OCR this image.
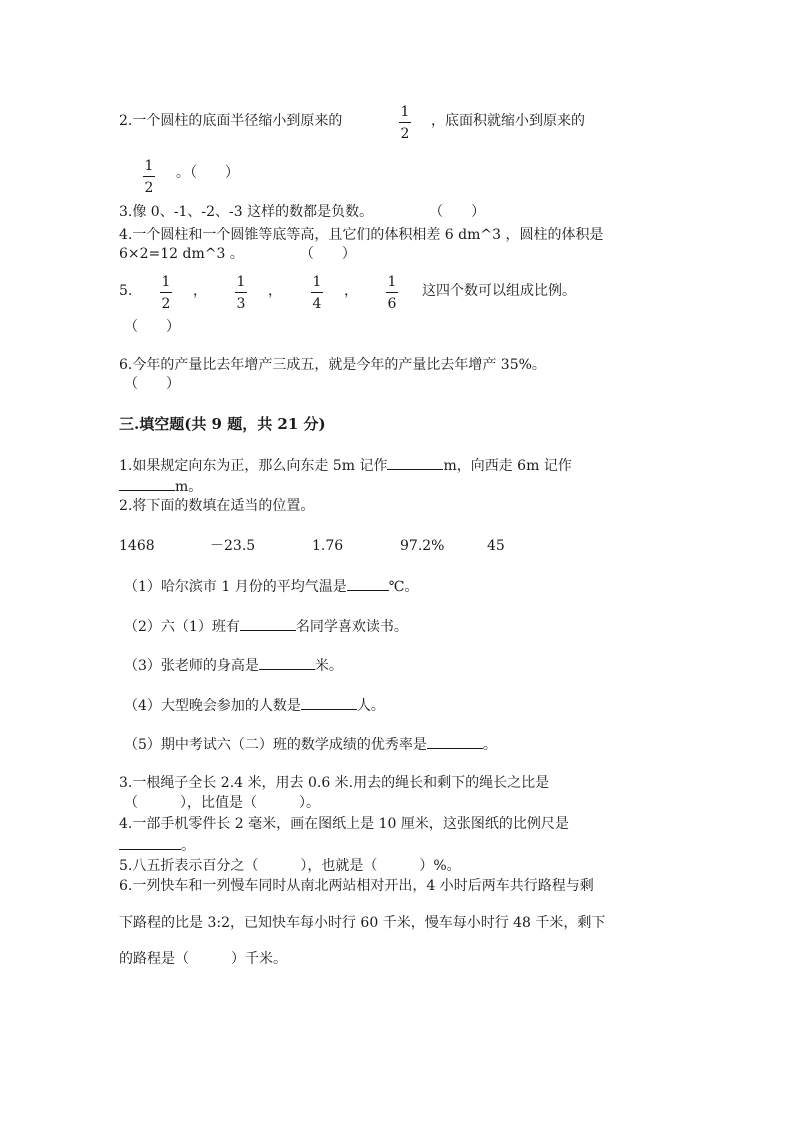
2.一个圆柱的底面半径缩小到原来的
1
2
，底面积就缩小到原来的
1
2
。（　　）
3.像 0、-1、-2、-3 这样的数都是负数。　　　　　（　　）
4.一个圆柱和一个圆锥等底等高，且它们的体积相差 6 dm^3 ，圆柱的体积是
6×2=12 dm^3 。　　　　　（　　）
5.
1
2
，
1
3
，
1
4
，
1
6
这四个数可以组成比例。
（　　）
6.今年的产量比去年增产三成五，就是今年的产量比去年增产 35%。
（　　）
三.填空题(共 9 题，共 21 分)
1.如果规定向东为正，那么向东走 5m 记作	m，向西走 6m 记作
m。
2.将下面的数填在适当的位置。
1468	－23.5	1.76	97.2%	45
（1）哈尔滨市 1 月份的平均气温是	℃。
（2）六（1）班有	名同学喜欢读书。
（3）张老师的身高是	米。
（4）大型晚会参加的人数是	人。
（5）期中考试六（二）班的数学成绩的优秀率是	。
3.一根绳子全长 2.4 米，用去 0.6 米.用去的绳长和剩下的绳长之比是
（　　　），比值是（　　　）。
4.一部手机零件长 2 毫米，画在图纸上是 10 厘米，这张图纸的比例尺是
。
5.八五折表示百分之（　　　），也就是（　　　）%。
6.一列快车和一列慢车同时从南北两站相对开出，4 小时后两车共行路程与剩
下路程的比是 3:2，已知快车每小时行 60 千米，慢车每小时行 48 千米，剩下
的路程是（　　　）千米。
